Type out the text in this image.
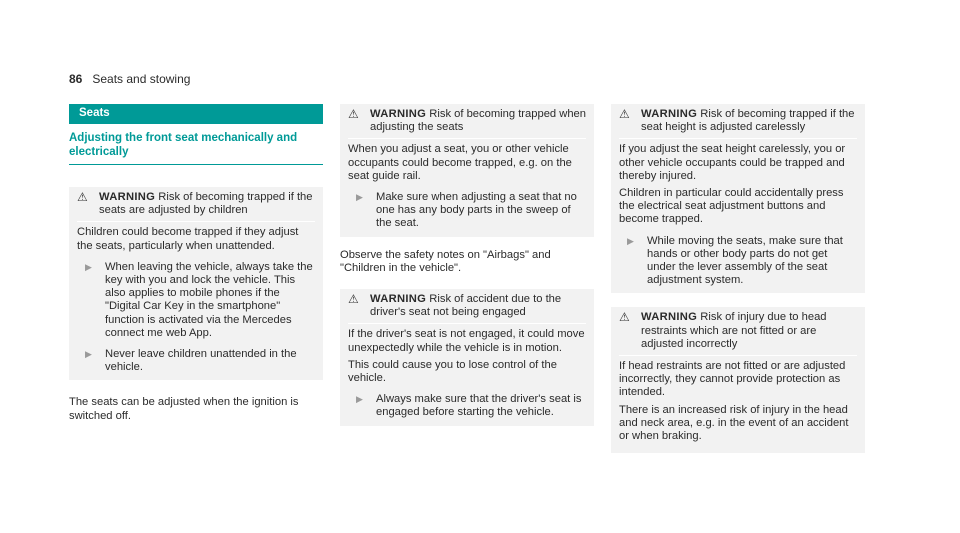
86 Seats and stowing
Seats
Adjusting the front seat mechanically and electrically
⚠	WARNING Risk of becoming trapped if the seats are adjusted by children
Children could become trapped if they adjust the seats, particularly when unattended.
▶	When leaving the vehicle, always take the key with you and lock the vehicle. This also applies to mobile phones if the "Digital Car Key in the smartphone" function is activated via the Mercedes connect me web App.
▶	Never leave children unattended in the vehicle.
The seats can be adjusted when the ignition is switched off.
⚠	WARNING Risk of becoming trapped when adjusting the seats
When you adjust a seat, you or other vehicle occupants could become trapped, e.g. on the seat guide rail.
▶	Make sure when adjusting a seat that no one has any body parts in the sweep of the seat.
Observe the safety notes on "Airbags" and "Children in the vehicle".
⚠	WARNING Risk of accident due to the driver's seat not being engaged
If the driver's seat is not engaged, it could move unexpectedly while the vehicle is in motion.
This could cause you to lose control of the vehicle.
▶	Always make sure that the driver's seat is engaged before starting the vehicle.
⚠	WARNING Risk of becoming trapped if the seat height is adjusted carelessly
If you adjust the seat height carelessly, you or other vehicle occupants could be trapped and thereby injured.
Children in particular could accidentally press the electrical seat adjustment buttons and become trapped.
▶	While moving the seats, make sure that hands or other body parts do not get under the lever assembly of the seat adjustment system.
⚠	WARNING Risk of injury due to head restraints which are not fitted or are adjusted incorrectly
If head restraints are not fitted or are adjusted incorrectly, they cannot provide protection as intended.
There is an increased risk of injury in the head and neck area, e.g. in the event of an accident or when braking.
